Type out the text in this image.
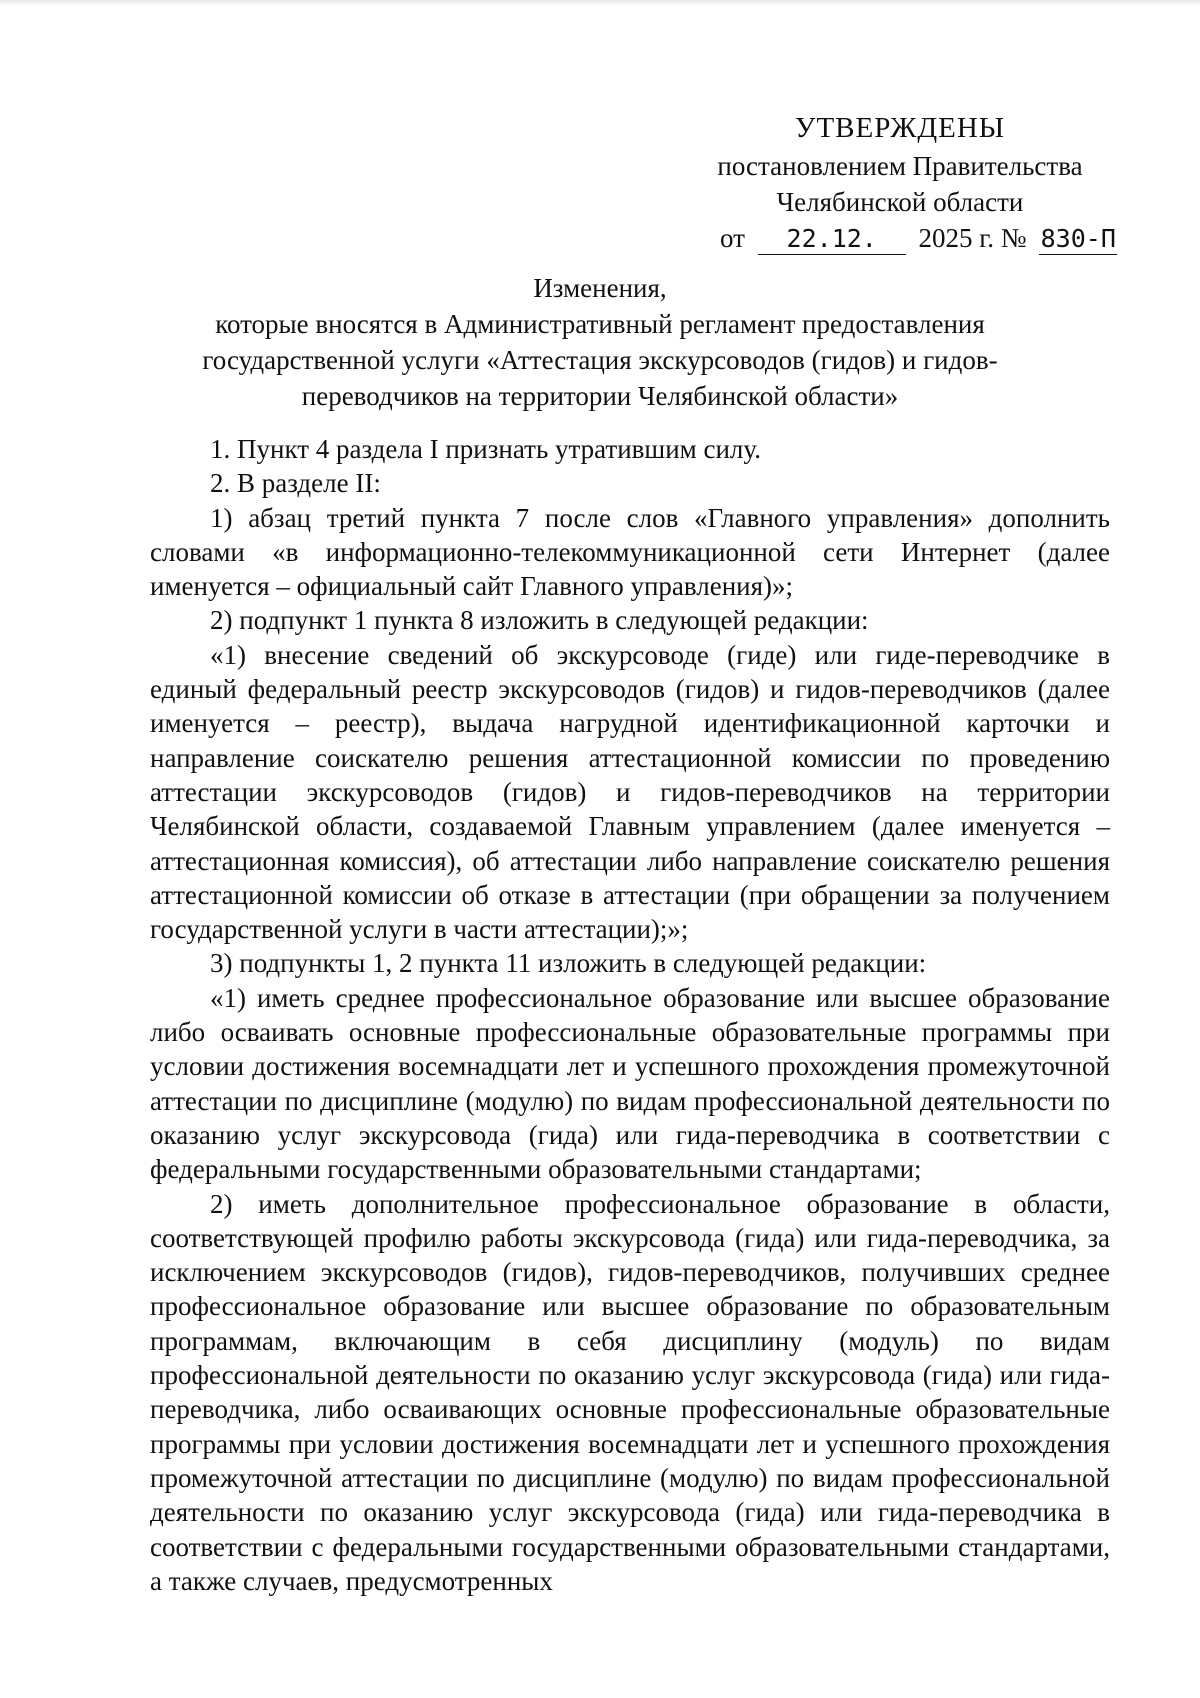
УТВЕРЖДЕНЫ
постановлением Правительства
Челябинской области
от 22.12. 2025 г. № 830-П
Изменения,
которые вносятся в Административный регламент предоставления государственной услуги «Аттестация экскурсоводов (гидов) и гидов-переводчиков на территории Челябинской области»

1. Пункт 4 раздела I признать утратившим силу.

2. В разделе II:

1) абзац третий пункта 7 после слов «Главного управления» дополнить словами «в информационно-телекоммуникационной сети Интернет (далее именуется – официальный сайт Главного управления)»;

2) подпункт 1 пункта 8 изложить в следующей редакции:

«1) внесение сведений об экскурсоводе (гиде) или гиде-переводчике в единый федеральный реестр экскурсоводов (гидов) и гидов-переводчиков (далее именуется – реестр), выдача нагрудной идентификационной карточки и направление соискателю решения аттестационной комиссии по проведению аттестации экскурсоводов (гидов) и гидов-переводчиков на территории Челябинской области, создаваемой Главным управлением (далее именуется – аттестационная комиссия), об аттестации либо направление соискателю решения аттестационной комиссии об отказе в аттестации (при обращении за получением государственной услуги в части аттестации);»;

3) подпункты 1, 2 пункта 11 изложить в следующей редакции:

«1) иметь среднее профессиональное образование или высшее образование либо осваивать основные профессиональные образовательные программы при условии достижения восемнадцати лет и успешного прохождения промежуточной аттестации по дисциплине (модулю) по видам профессиональной деятельности по оказанию услуг экскурсовода (гида) или гида-переводчика в соответствии с федеральными государственными образовательными стандартами;

2) иметь дополнительное профессиональное образование в области, соответствующей профилю работы экскурсовода (гида) или гида-переводчика, за исключением экскурсоводов (гидов), гидов-переводчиков, получивших среднее профессиональное образование или высшее образование по образовательным программам, включающим в себя дисциплину (модуль) по видам профессиональной деятельности по оказанию услуг экскурсовода (гида) или гида-переводчика, либо осваивающих основные профессиональные образовательные программы при условии достижения восемнадцати лет и успешного прохождения промежуточной аттестации по дисциплине (модулю) по видам профессиональной деятельности по оказанию услуг экскурсовода (гида) или гида-переводчика в соответствии с федеральными государственными образовательными стандартами, а также случаев, предусмотренных
